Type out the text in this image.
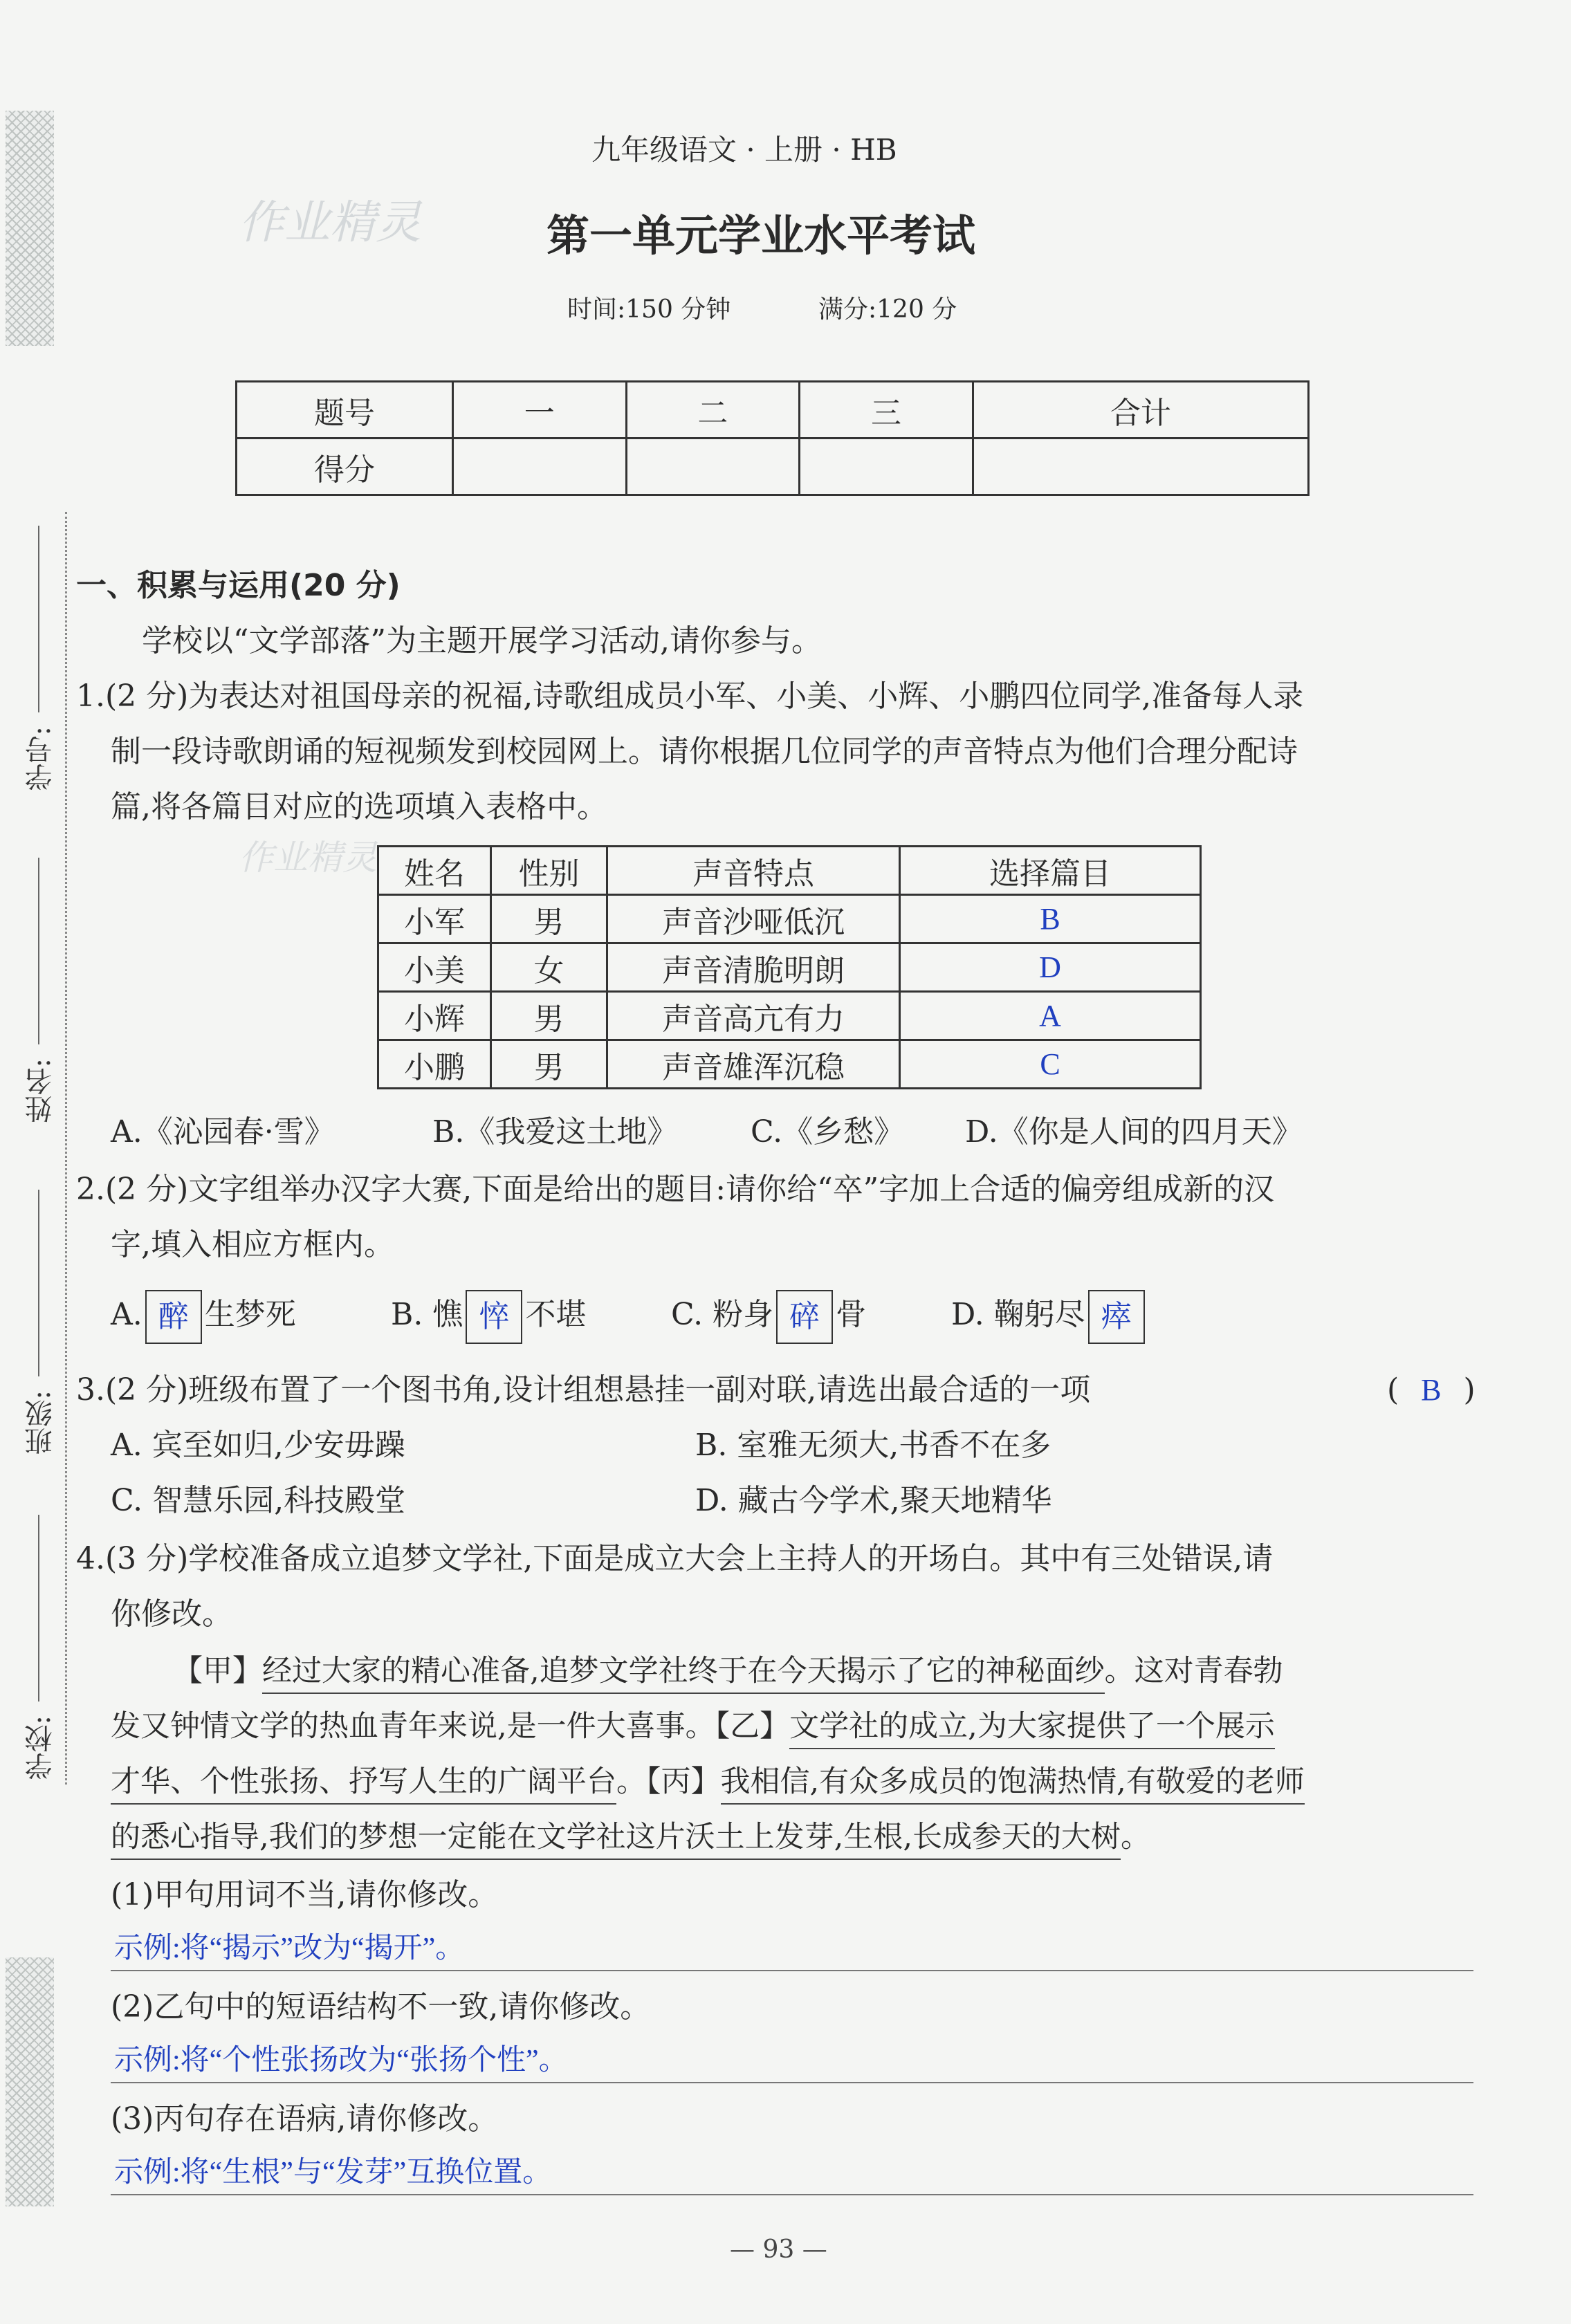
学号:
姓名:
班级:
学校:
作业精灵
作业精灵
九年级语文 · 上册 · HB
第一单元学业水平考试
时间:150 分钟	满分:120 分
题号	一	二	三	合计
得分				
一、积累与运用(20 分)
学校以“文学部落”为主题开展学习活动,请你参与。
1.(2 分)为表达对祖国母亲的祝福,诗歌组成员小军、小美、小辉、小鹏四位同学,准备每人录
制一段诗歌朗诵的短视频发到校园网上。请你根据几位同学的声音特点为他们合理分配诗
篇,将各篇目对应的选项填入表格中。
姓名	性别	声音特点	选择篇目
小军	男	声音沙哑低沉	B
小美	女	声音清脆明朗	D
小辉	男	声音高亢有力	A
小鹏	男	声音雄浑沉稳	C
A.《沁园春·雪》	B.《我爱这土地》 C.《乡愁》 D.《你是人间的四月天》
2.(2 分)文字组举办汉字大赛,下面是给出的题目:请你给“卒”字加上合适的偏旁组成新的汉
字,填入相应方框内。
A. 醉 生梦死	B. 憔 悴 不堪	C. 粉身 碎 骨	D. 鞠躬尽 瘁
3.(2 分)班级布置了一个图书角,设计组想悬挂一副对联,请选出最合适的一项	( B )
A. 宾至如归,少安毋躁	B. 室雅无须大,书香不在多
C. 智慧乐园,科技殿堂	D. 藏古今学术,聚天地精华
4.(3 分)学校准备成立追梦文学社,下面是成立大会上主持人的开场白。其中有三处错误,请
你修改。
【甲】经过大家的精心准备,追梦文学社终于在今天揭示了它的神秘面纱。这对青春勃
发又钟情文学的热血青年来说,是一件大喜事。【乙】文学社的成立,为大家提供了一个展示
才华、个性张扬、抒写人生的广阔平台。【丙】我相信,有众多成员的饱满热情,有敬爱的老师
的悉心指导,我们的梦想一定能在文学社这片沃土上发芽,生根,长成参天的大树。
(1)甲句用词不当,请你修改。
示例:将“揭示”改为“揭开”。
(2)乙句中的短语结构不一致,请你修改。
示例:将“个性张扬改为“张扬个性”。
(3)丙句存在语病,请你修改。
示例:将“生根”与“发芽”互换位置。
— 93 —
